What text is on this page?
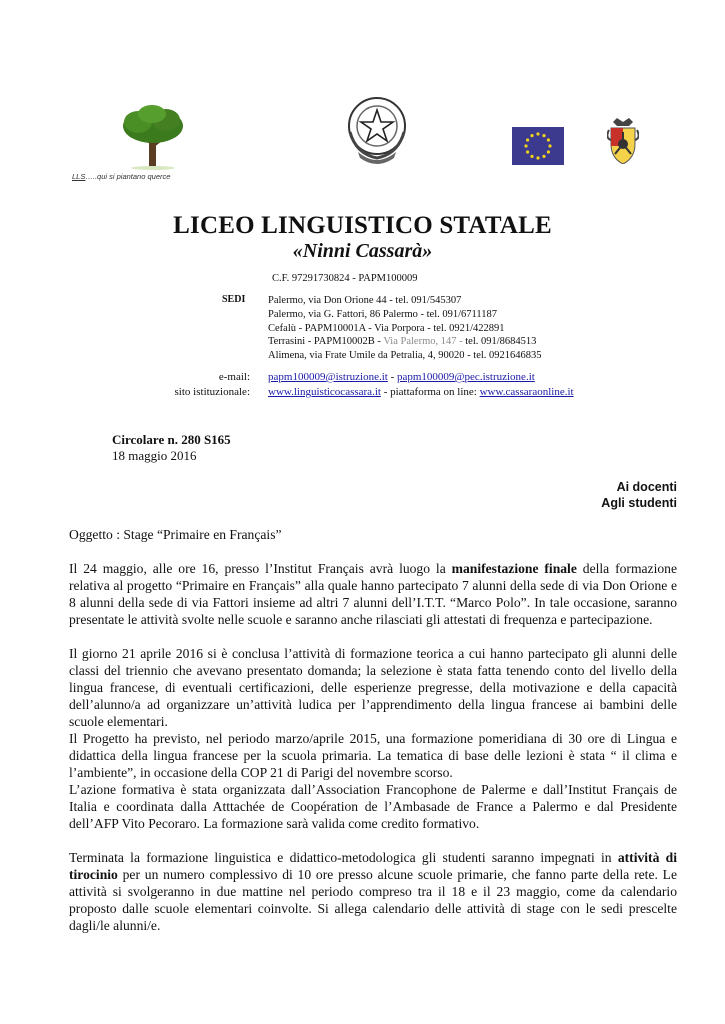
LLS…..qui si piantano querce
LICEO LINGUISTICO STATALE
«Ninni Cassarà»
C.F. 97291730824 - PAPM100009
SEDI Palermo, via Don Orione 44 - tel. 091/545307
Palermo, via G. Fattori, 86 Palermo - tel. 091/6711187
Cefalù - PAPM10001A - Via Porpora - tel. 0921/422891
Terrasini - PAPM10002B - Via Palermo, 147 - tel. 091/8684513
Alimena, via Frate Umile da Petralia, 4, 90020 - tel. 0921646835
e-mail:
sito istituzionale:
papm100009@istruzione.it - papm100009@pec.istruzione.it
www.linguisticocassara.it - piattaforma on line: www.cassaraonline.it
Circolare n. 280 S165
18 maggio 2016
Ai docenti
Agli studenti

Oggetto : Stage “Primaire en Français”

Il 24 maggio, alle ore 16, presso l’Institut Français avrà luogo la manifestazione finale della formazione relativa al progetto “Primaire en Français” alla quale hanno partecipato 7 alunni della sede di via Don Orione e 8 alunni della sede di via Fattori insieme ad altri 7 alunni dell’I.T.T. “Marco Polo”. In tale occasione, saranno presentate le attività svolte nelle scuole e saranno anche rilasciati gli attestati di frequenza e partecipazione.

Il giorno 21 aprile 2016 si è conclusa l’attività di formazione teorica a cui hanno partecipato gli alunni delle classi del triennio che avevano presentato domanda; la selezione è stata fatta tenendo conto del livello della lingua francese, di eventuali certificazioni, delle esperienze pregresse, della motivazione e della capacità dell’alunno/a ad organizzare un’attività ludica per l’apprendimento della lingua francese ai bambini delle scuole elementari.

Il Progetto ha previsto, nel periodo marzo/aprile 2015, una formazione pomeridiana di 30 ore di Lingua e didattica della lingua francese per la scuola primaria. La tematica di base delle lezioni è stata “ il clima e l’ambiente”, in occasione della COP 21 di Parigi del novembre scorso.

L’azione formativa è stata organizzata dall’Association Francophone de Palerme e dall’Institut Français de Italia e coordinata dalla Atttachée de Coopération de l’Ambasade de France a Palermo e dal Presidente dell’AFP Vito Pecoraro. La formazione sarà valida come credito formativo.

Terminata la formazione linguistica e didattico-metodologica gli studenti saranno impegnati in attività di tirocinio per un numero complessivo di 10 ore presso alcune scuole primarie, che fanno parte della rete. Le attività si svolgeranno in due mattine nel periodo compreso tra il 18 e il 23 maggio, come da calendario proposto dalle scuole elementari coinvolte. Si allega calendario delle attività di stage con le sedi prescelte dagli/le alunni/e.
